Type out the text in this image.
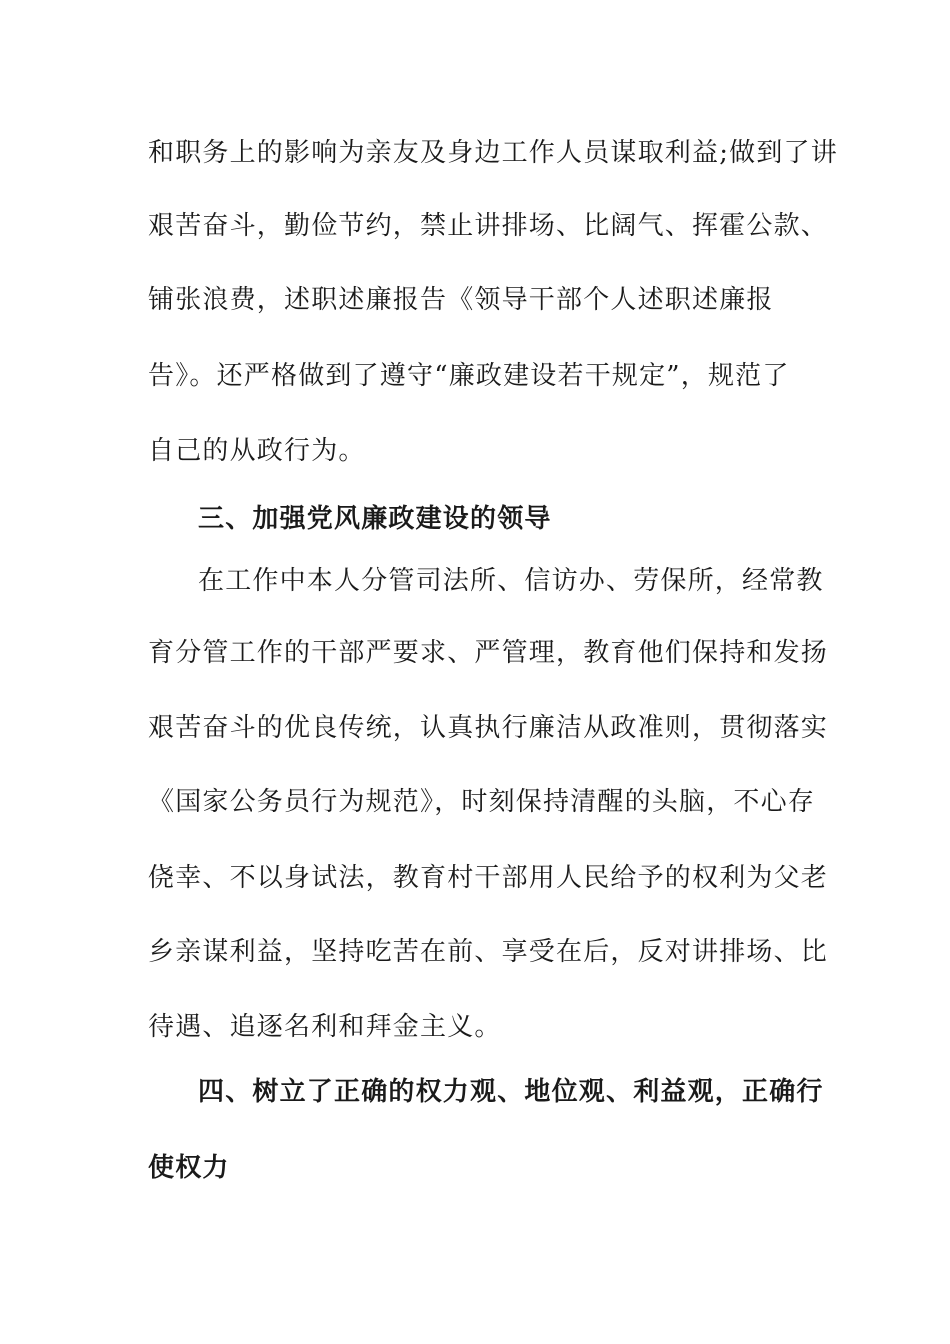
和职务上的影响为亲友及身边工作人员谋取利益;做到了讲
艰苦奋斗，勤俭节约，禁止讲排场、比阔气、挥霍公款、
铺张浪费，述职述廉报告《领导干部个人述职述廉报
告》。还严格做到了遵守“廉政建设若干规定”，规范了
自己的从政行为。
三、加强党风廉政建设的领导
在工作中本人分管司法所、信访办、劳保所，经常教
育分管工作的干部严要求、严管理，教育他们保持和发扬
艰苦奋斗的优良传统，认真执行廉洁从政准则，贯彻落实
《国家公务员行为规范》，时刻保持清醒的头脑，不心存
侥幸、不以身试法，教育村干部用人民给予的权利为父老
乡亲谋利益，坚持吃苦在前、享受在后，反对讲排场、比
待遇、追逐名利和拜金主义。
四、树立了正确的权力观、地位观、利益观，正确行
使权力
